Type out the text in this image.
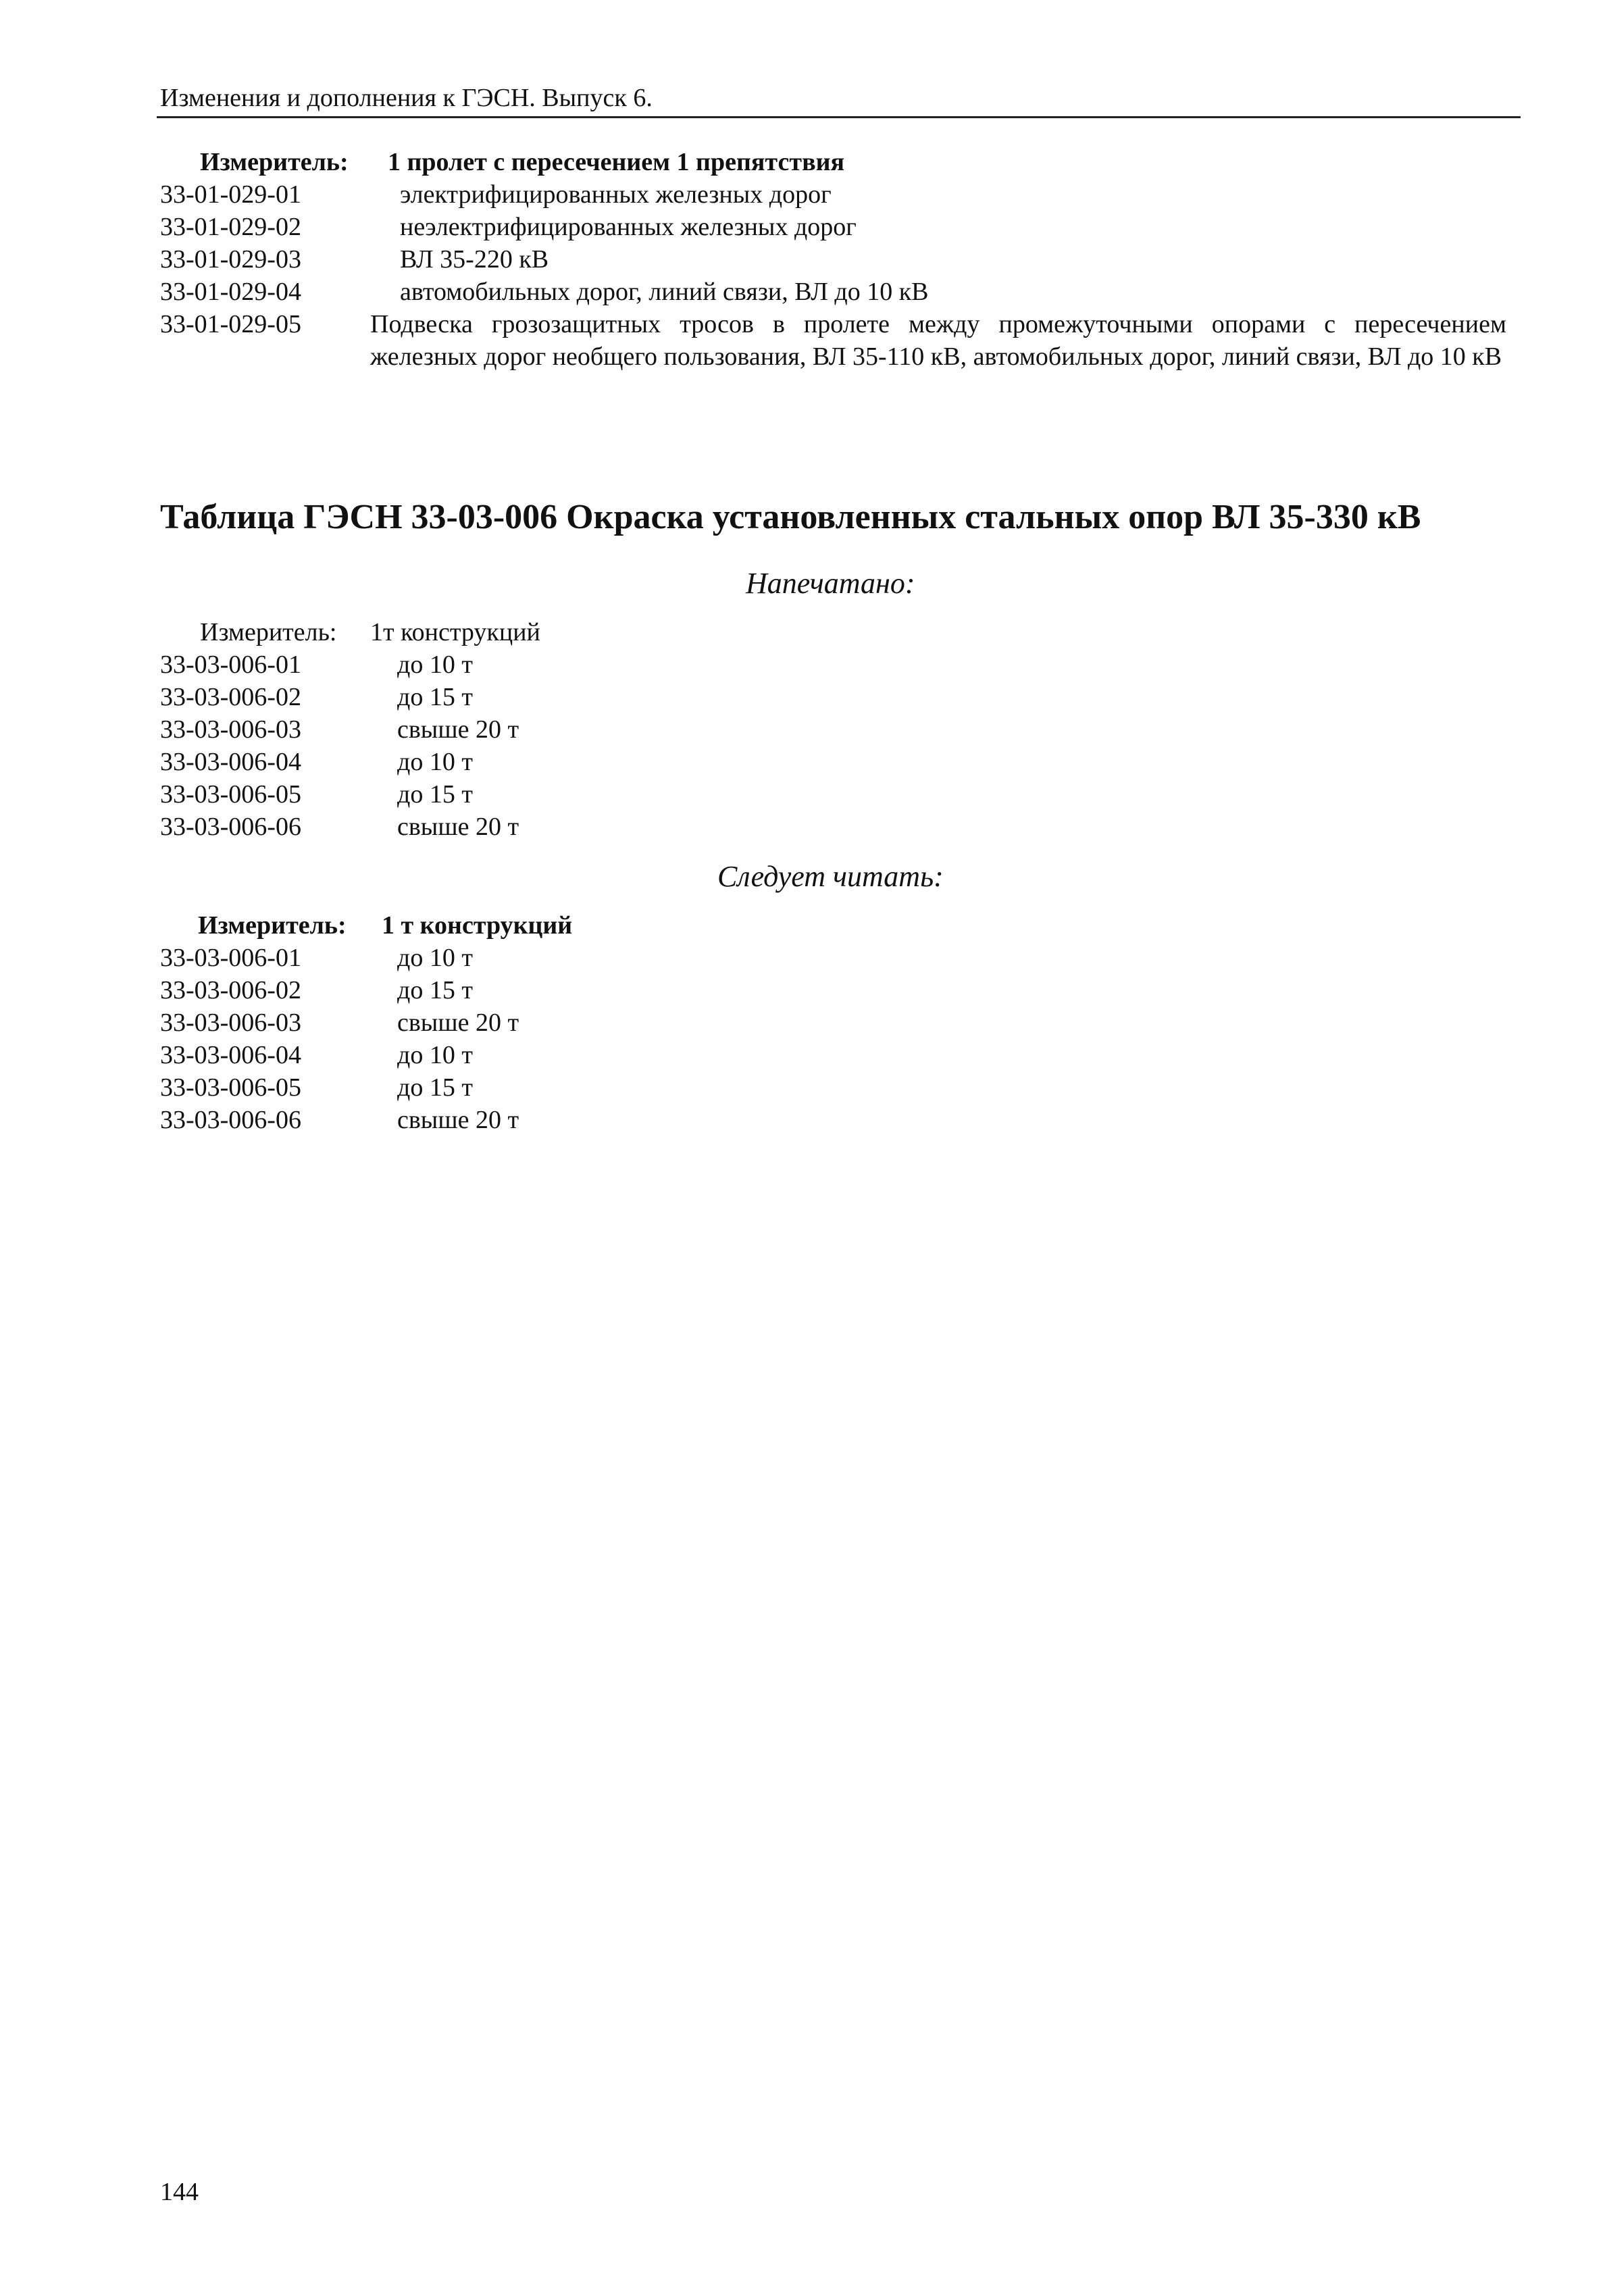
Изменения и дополнения к ГЭСН. Выпуск 6.
Измеритель: 1 пролет с пересечением 1 препятствия
33-01-029-01	электрифицированных железных дорог
33-01-029-02	неэлектрифицированных железных дорог
33-01-029-03	ВЛ 35-220 кВ
33-01-029-04	автомобильных дорог, линий связи, ВЛ до 10 кВ
33-01-029-05	Подвеска грозозащитных тросов в пролете между промежуточными опорами с пересечением железных дорог необщего пользования, ВЛ 35-110 кВ, автомобильных дорог, линий связи, ВЛ до 10 кВ
Таблица ГЭСН 33-03-006 Окраска установленных стальных опор ВЛ 35-330 кВ
Напечатано:
Измеритель: 1т конструкций
33-03-006-01	до 10 т
33-03-006-02	до 15 т
33-03-006-03	свыше 20 т
33-03-006-04	до 10 т
33-03-006-05	до 15 т
33-03-006-06	свыше 20 т
Следует читать:
Измеритель: 1 т конструкций
33-03-006-01	до 10 т
33-03-006-02	до 15 т
33-03-006-03	свыше 20 т
33-03-006-04	до 10 т
33-03-006-05	до 15 т
33-03-006-06	свыше 20 т
144
